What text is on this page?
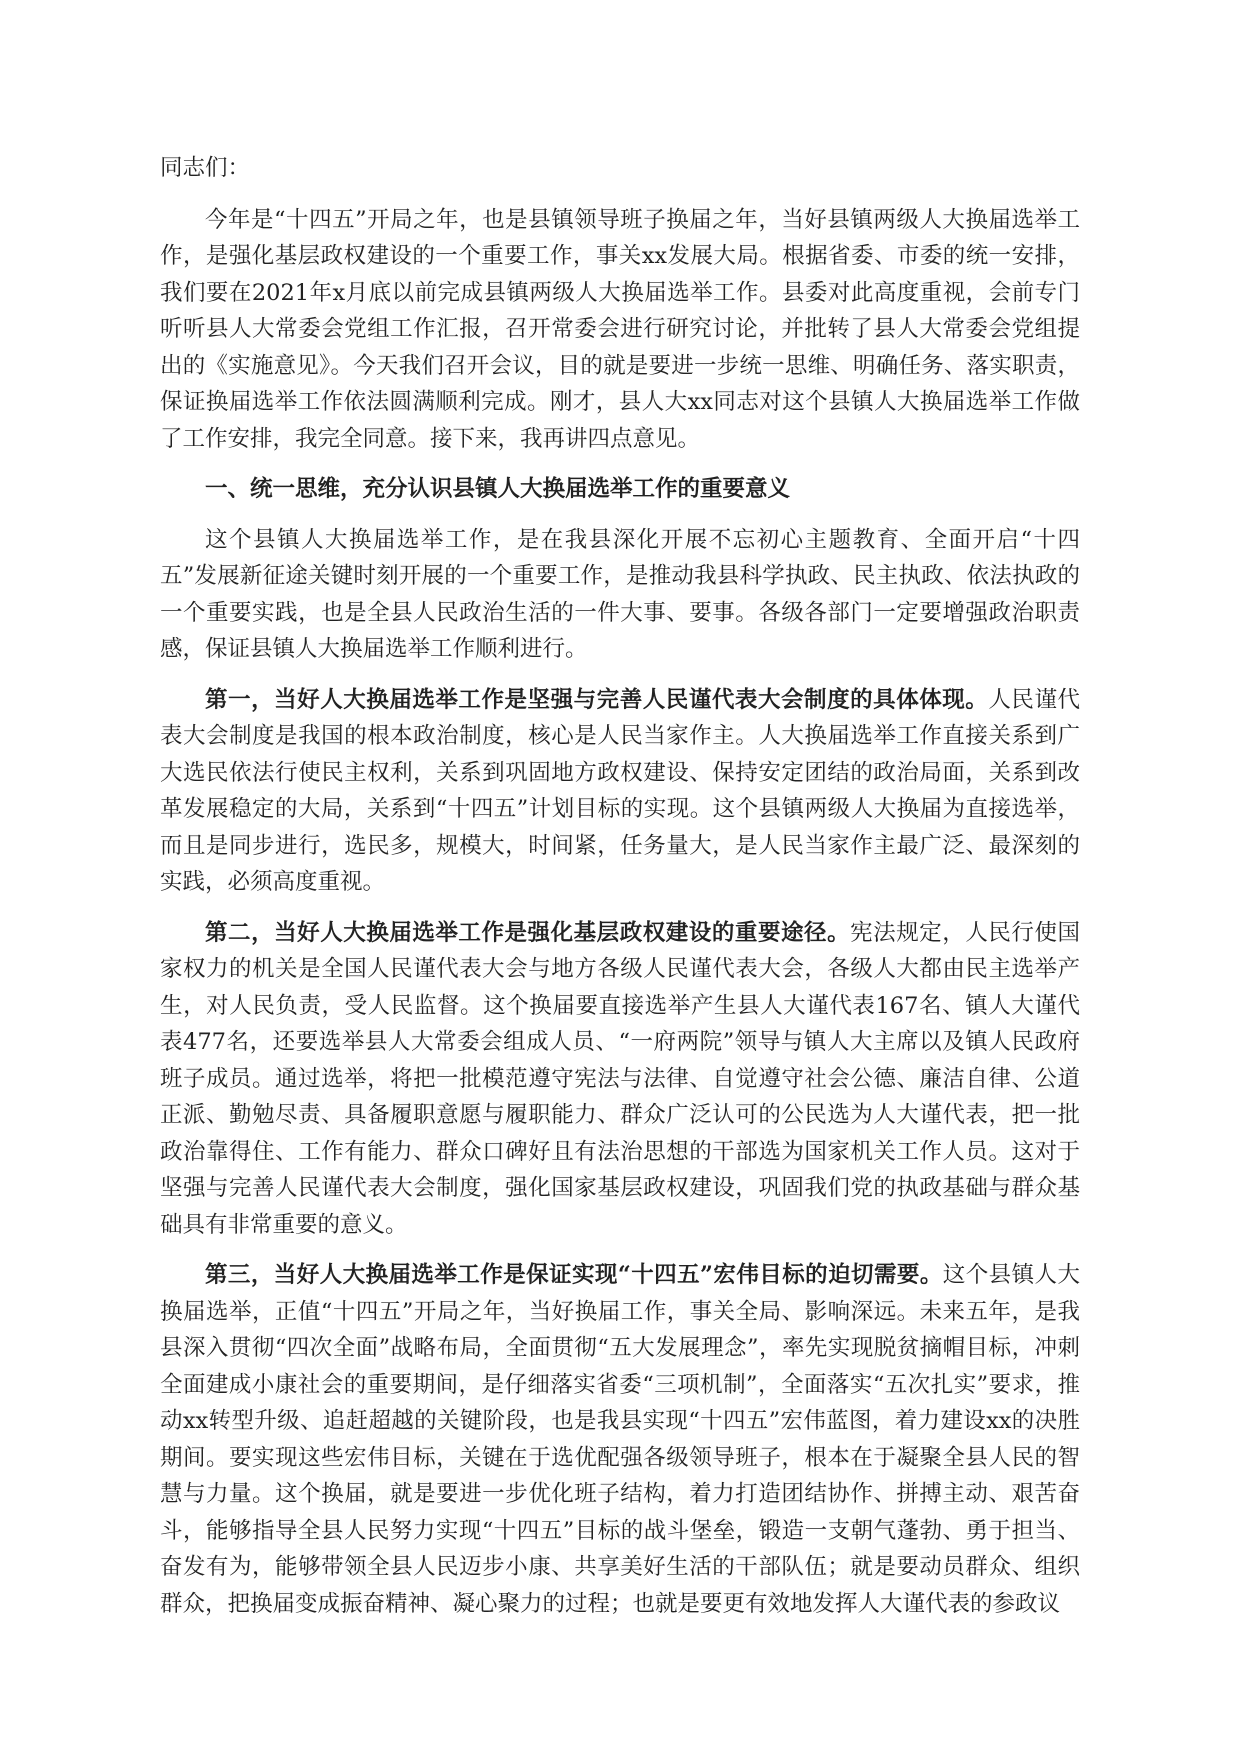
同志们：

今年是“十四五”开局之年，也是县镇领导班子换届之年，当好县镇两级人大换届选举工作，是强化基层政权建设的一个重要工作，事关xx发展大局。根据省委、市委的统一安排，我们要在2021年x月底以前完成县镇两级人大换届选举工作。县委对此高度重视，会前专门听听县人大常委会党组工作汇报，召开常委会进行研究讨论，并批转了县人大常委会党组提出的《实施意见》。今天我们召开会议，目的就是要进一步统一思维、明确任务、落实职责，保证换届选举工作依法圆满顺利完成。刚才，县人大xx同志对这个县镇人大换届选举工作做了工作安排，我完全同意。接下来，我再讲四点意见。

一、统一思维，充分认识县镇人大换届选举工作的重要意义

这个县镇人大换届选举工作，是在我县深化开展不忘初心主题教育、全面开启“十四五”发展新征途关键时刻开展的一个重要工作，是推动我县科学执政、民主执政、依法执政的一个重要实践，也是全县人民政治生活的一件大事、要事。各级各部门一定要增强政治职责感，保证县镇人大换届选举工作顺利进行。

第一，当好人大换届选举工作是坚强与完善人民谨代表大会制度的具体体现。人民谨代表大会制度是我国的根本政治制度，核心是人民当家作主。人大换届选举工作直接关系到广大选民依法行使民主权利，关系到巩固地方政权建设、保持安定团结的政治局面，关系到改革发展稳定的大局，关系到“十四五”计划目标的实现。这个县镇两级人大换届为直接选举，而且是同步进行，选民多，规模大，时间紧，任务量大，是人民当家作主最广泛、最深刻的实践，必须高度重视。

第二，当好人大换届选举工作是强化基层政权建设的重要途径。宪法规定，人民行使国家权力的机关是全国人民谨代表大会与地方各级人民谨代表大会，各级人大都由民主选举产生，对人民负责，受人民监督。这个换届要直接选举产生县人大谨代表167名、镇人大谨代表477名，还要选举县人大常委会组成人员、“一府两院”领导与镇人大主席以及镇人民政府班子成员。通过选举，将把一批模范遵守宪法与法律、自觉遵守社会公德、廉洁自律、公道正派、勤勉尽责、具备履职意愿与履职能力、群众广泛认可的公民选为人大谨代表，把一批政治靠得住、工作有能力、群众口碑好且有法治思想的干部选为国家机关工作人员。这对于坚强与完善人民谨代表大会制度，强化国家基层政权建设，巩固我们党的执政基础与群众基础具有非常重要的意义。

第三，当好人大换届选举工作是保证实现“十四五”宏伟目标的迫切需要。这个县镇人大换届选举，正值“十四五”开局之年，当好换届工作，事关全局、影响深远。未来五年，是我县深入贯彻“四次全面”战略布局，全面贯彻“五大发展理念”，率先实现脱贫摘帽目标，冲刺全面建成小康社会的重要期间，是仔细落实省委“三项机制”，全面落实“五次扎实”要求，推动xx转型升级、追赶超越的关键阶段，也是我县实现“十四五”宏伟蓝图，着力建设xx的决胜期间。要实现这些宏伟目标，关键在于选优配强各级领导班子，根本在于凝聚全县人民的智慧与力量。这个换届，就是要进一步优化班子结构，着力打造团结协作、拼搏主动、艰苦奋斗，能够指导全县人民努力实现“十四五”目标的战斗堡垒，锻造一支朝气蓬勃、勇于担当、奋发有为，能够带领全县人民迈步小康、共享美好生活的干部队伍；就是要动员群众、组织群众，把换届变成振奋精神、凝心聚力的过程；也就是要更有效地发挥人大谨代表的参政议
